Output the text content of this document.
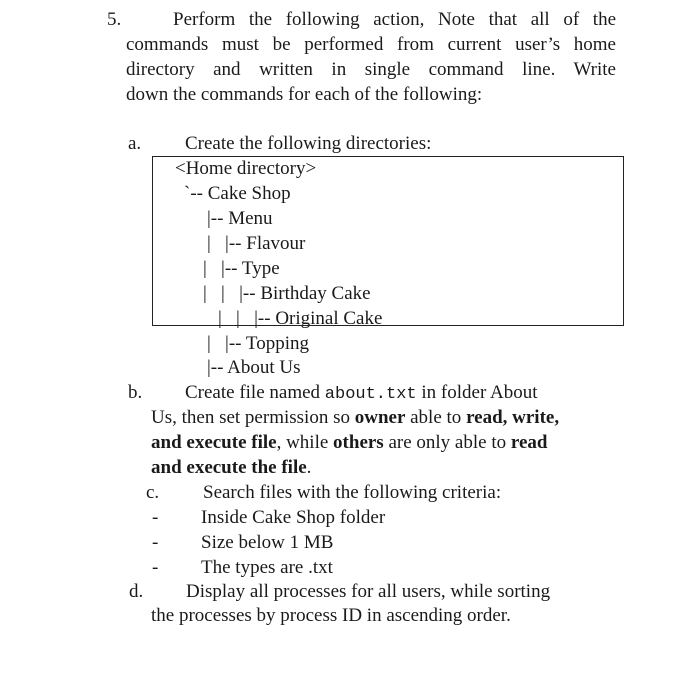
5.	Perform the following action, Note that all of the
commands must be performed from current user’s home
directory and written in single command line. Write
down the commands for each of the following:
a. Create the following directories:
<Home directory>
`-- Cake Shop
|-- Menu
|   |-- Flavour
|   |-- Type
|   |   |-- Birthday Cake
|   |   |-- Original Cake
|   |-- Topping
|-- About Us
b. Create file named about.txt in folder About
Us, then set permission so owner able to read, write,
and execute file, while others are only able to read
and execute the file.
c. Search files with the following criteria:
- Inside Cake Shop folder
- Size below 1 MB
- The types are .txt
d. Display all processes for all users, while sorting
the processes by process ID in ascending order.
